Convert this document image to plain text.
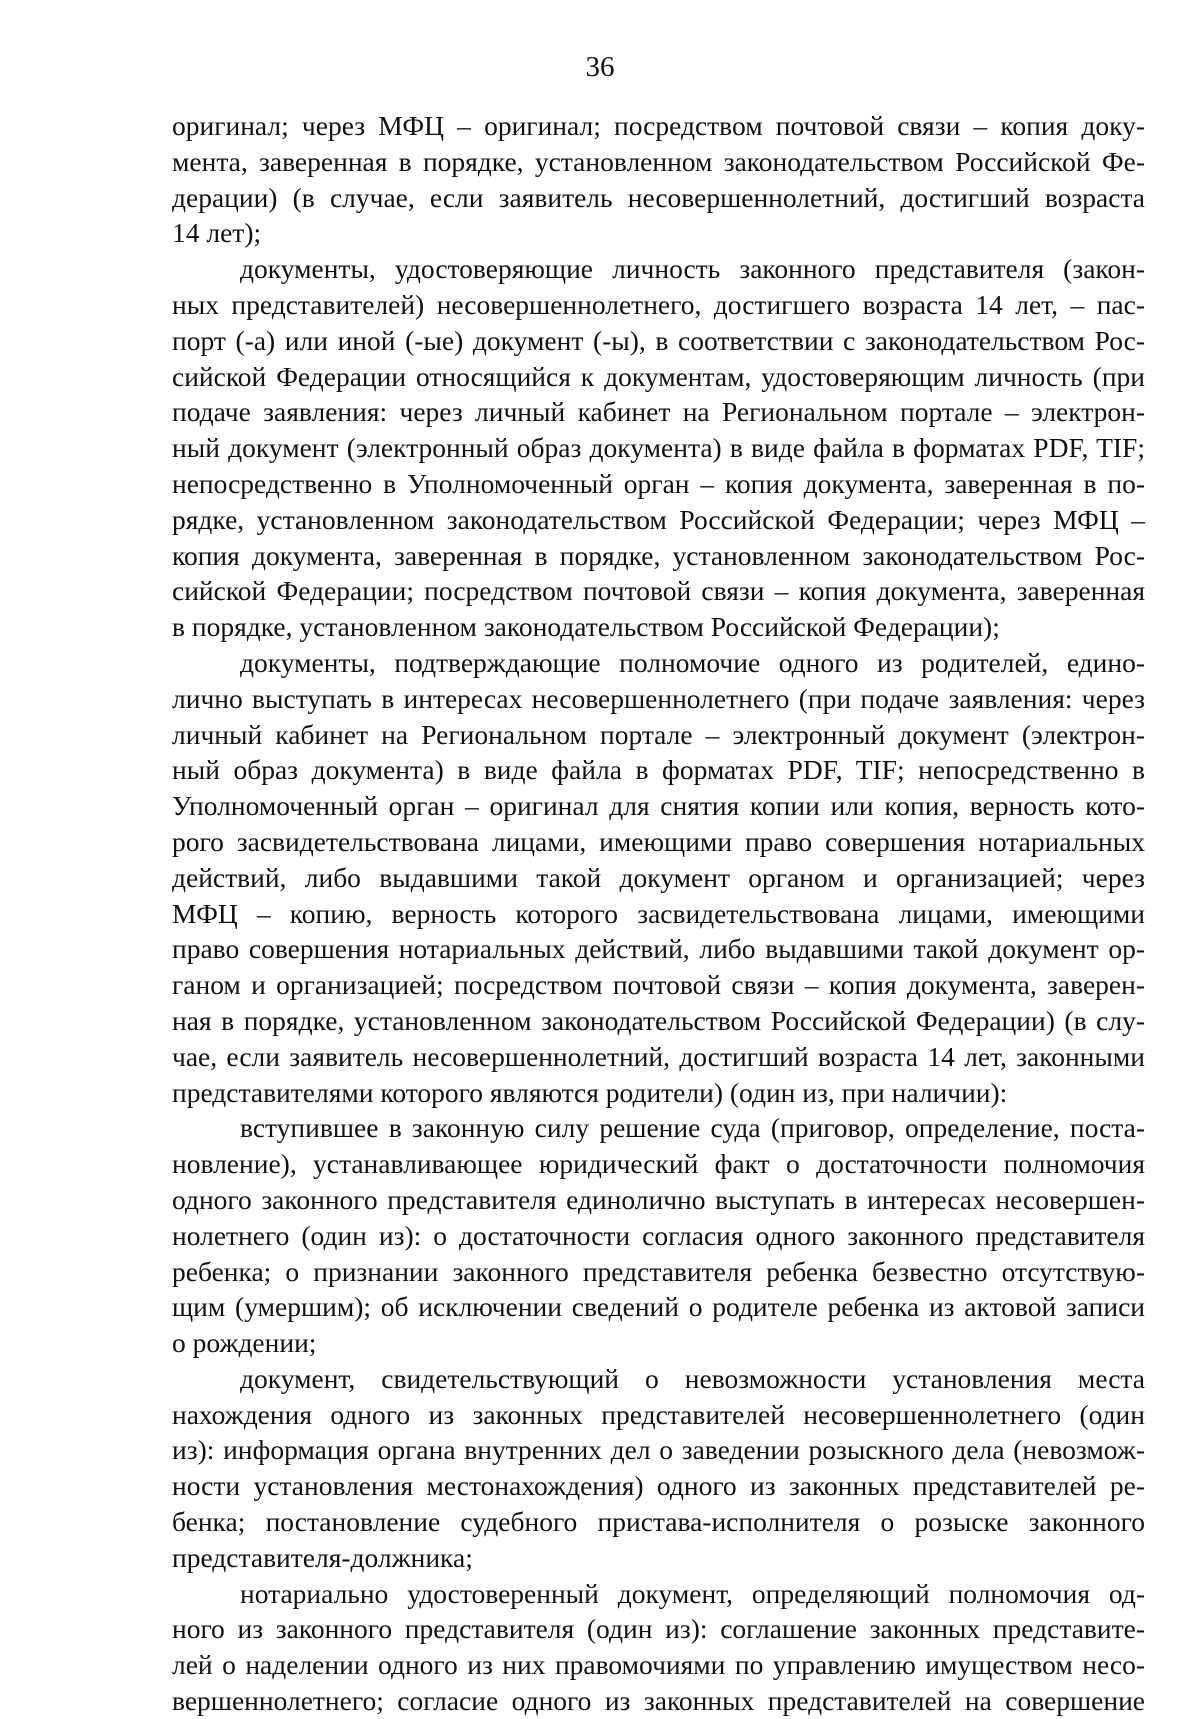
36
оригинал; через МФЦ – оригинал; посредством почтовой связи – копия доку-
мента, заверенная в порядке, установленном законодательством Российской Фе-
дерации) (в случае, если заявитель несовершеннолетний, достигший возраста
14 лет);
документы, удостоверяющие личность законного представителя (закон-
ных представителей) несовершеннолетнего, достигшего возраста 14 лет, – пас-
порт (-а) или иной (-ые) документ (-ы), в соответствии с законодательством Рос-
сийской Федерации относящийся к документам, удостоверяющим личность (при
подаче заявления: через личный кабинет на Региональном портале – электрон-
ный документ (электронный образ документа) в виде файла в форматах PDF, TIF;
непосредственно в Уполномоченный орган – копия документа, заверенная в по-
рядке, установленном законодательством Российской Федерации; через МФЦ –
копия документа, заверенная в порядке, установленном законодательством Рос-
сийской Федерации; посредством почтовой связи – копия документа, заверенная
в порядке, установленном законодательством Российской Федерации);
документы, подтверждающие полномочие одного из родителей, едино-
лично выступать в интересах несовершеннолетнего (при подаче заявления: через
личный кабинет на Региональном портале – электронный документ (электрон-
ный образ документа) в виде файла в форматах PDF, TIF; непосредственно в
Уполномоченный орган – оригинал для снятия копии или копия, верность кото-
рого засвидетельствована лицами, имеющими право совершения нотариальных
действий, либо выдавшими такой документ органом и организацией; через
МФЦ – копию, верность которого засвидетельствована лицами, имеющими
право совершения нотариальных действий, либо выдавшими такой документ ор-
ганом и организацией; посредством почтовой связи – копия документа, заверен-
ная в порядке, установленном законодательством Российской Федерации) (в слу-
чае, если заявитель несовершеннолетний, достигший возраста 14 лет, законными
представителями которого являются родители) (один из, при наличии):
вступившее в законную силу решение суда (приговор, определение, поста-
новление), устанавливающее юридический факт о достаточности полномочия
одного законного представителя единолично выступать в интересах несовершен-
нолетнего (один из): о достаточности согласия одного законного представителя
ребенка; о признании законного представителя ребенка безвестно отсутствую-
щим (умершим); об исключении сведений о родителе ребенка из актовой записи
о рождении;
документ, свидетельствующий о невозможности установления места
нахождения одного из законных представителей несовершеннолетнего (один
из): информация органа внутренних дел о заведении розыскного дела (невозмож-
ности установления местонахождения) одного из законных представителей ре-
бенка; постановление судебного пристава-исполнителя о розыске законного
представителя-должника;
нотариально удостоверенный документ, определяющий полномочия од-
ного из законного представителя (один из): соглашение законных представите-
лей о наделении одного из них правомочиями по управлению имуществом несо-
вершеннолетнего; согласие одного из законных представителей на совершение
